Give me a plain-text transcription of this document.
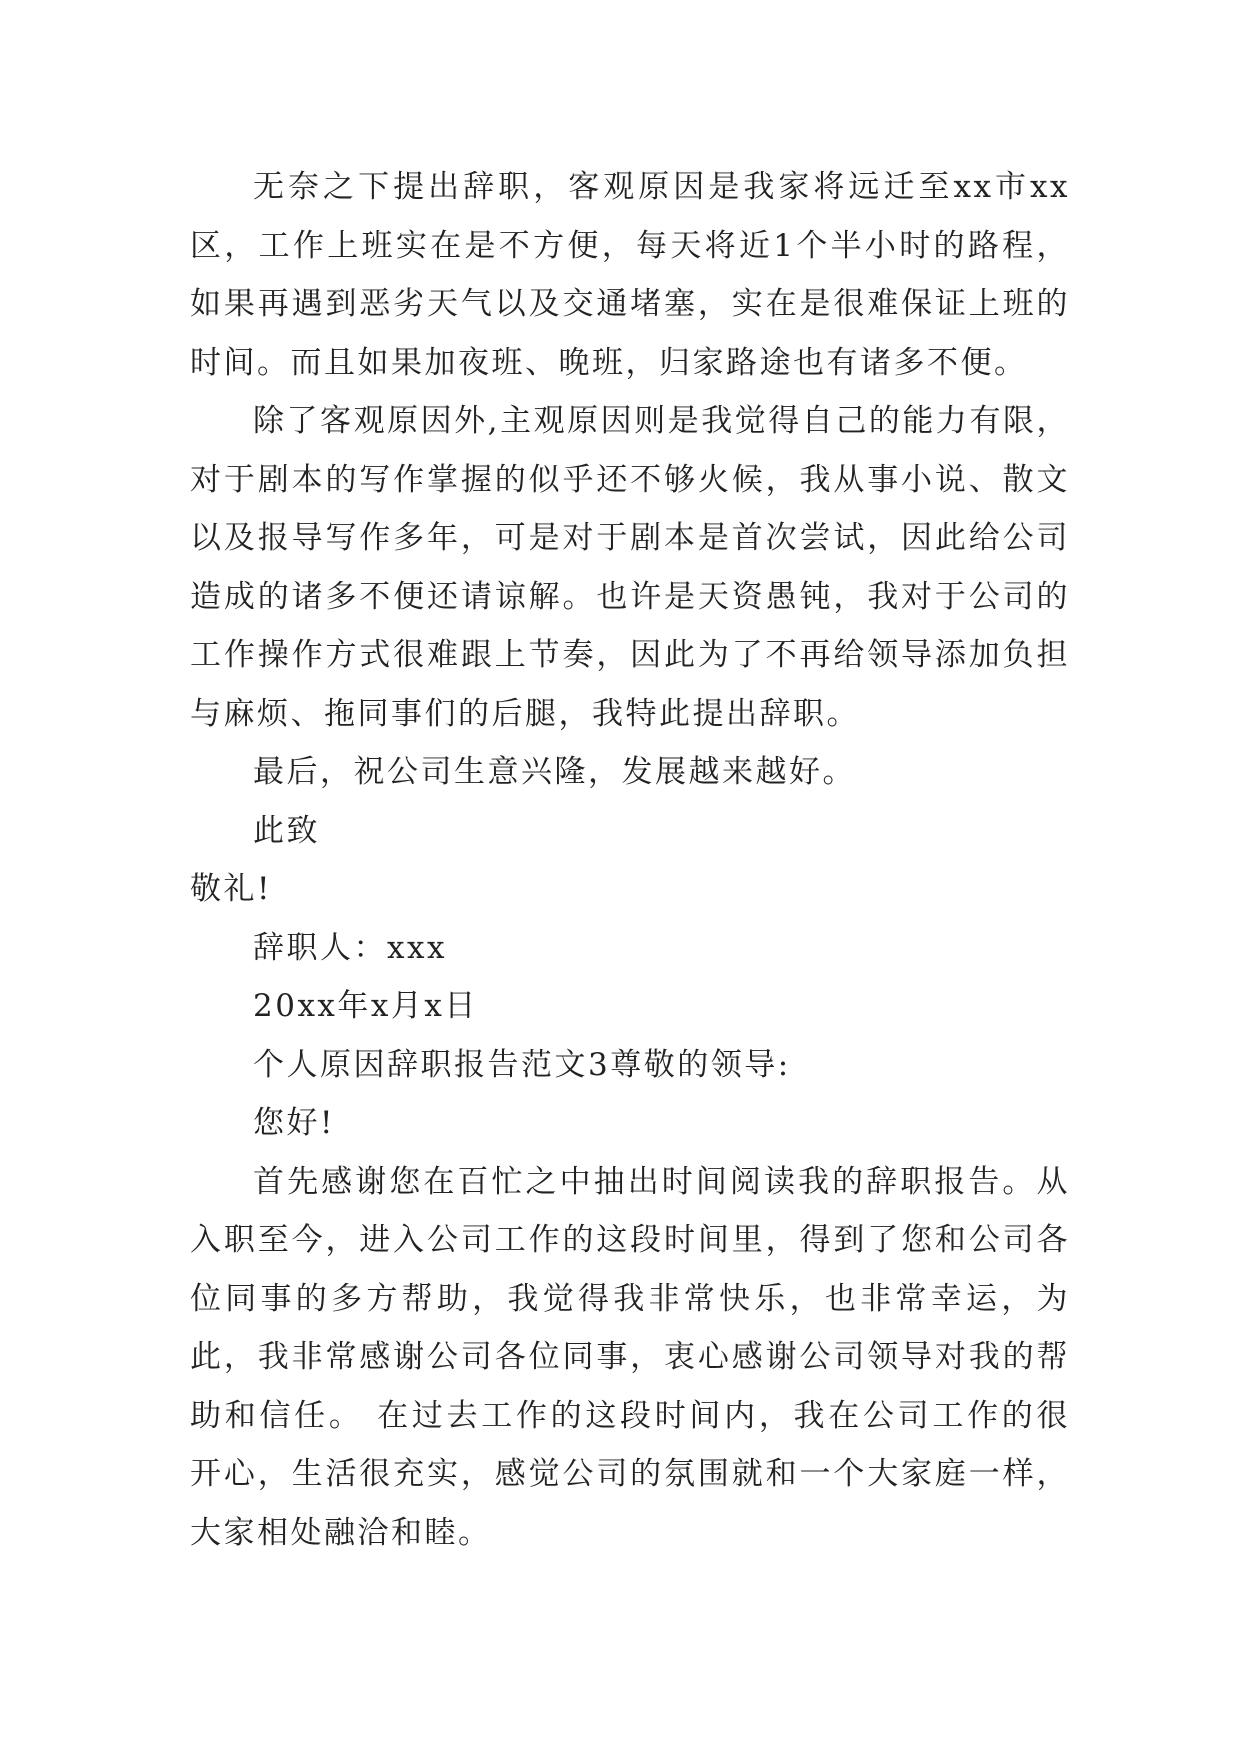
无奈之下提出辞职，客观原因是我家将远迁至xx市xx区，工作上班实在是不方便，每天将近1个半小时的路程，如果再遇到恶劣天气以及交通堵塞，实在是很难保证上班的时间。而且如果加夜班、晚班，归家路途也有诸多不便。

除了客观原因外,主观原因则是我觉得自己的能力有限，对于剧本的写作掌握的似乎还不够火候，我从事小说、散文以及报导写作多年，可是对于剧本是首次尝试，因此给公司造成的诸多不便还请谅解。也许是天资愚钝，我对于公司的工作操作方式很难跟上节奏，因此为了不再给领导添加负担与麻烦、拖同事们的后腿，我特此提出辞职。

最后，祝公司生意兴隆，发展越来越好。

此致

敬礼!

辞职人：xxx

20xx年x月x日

个人原因辞职报告范文3尊敬的领导:

您好!

首先感谢您在百忙之中抽出时间阅读我的辞职报告。从入职至今，进入公司工作的这段时间里，得到了您和公司各位同事的多方帮助，我觉得我非常快乐，也非常幸运，为此，我非常感谢公司各位同事，衷心感谢公司领导对我的帮助和信任。 在过去工作的这段时间内，我在公司工作的很开心，生活很充实，感觉公司的氛围就和一个大家庭一样，大家相处融洽和睦。
